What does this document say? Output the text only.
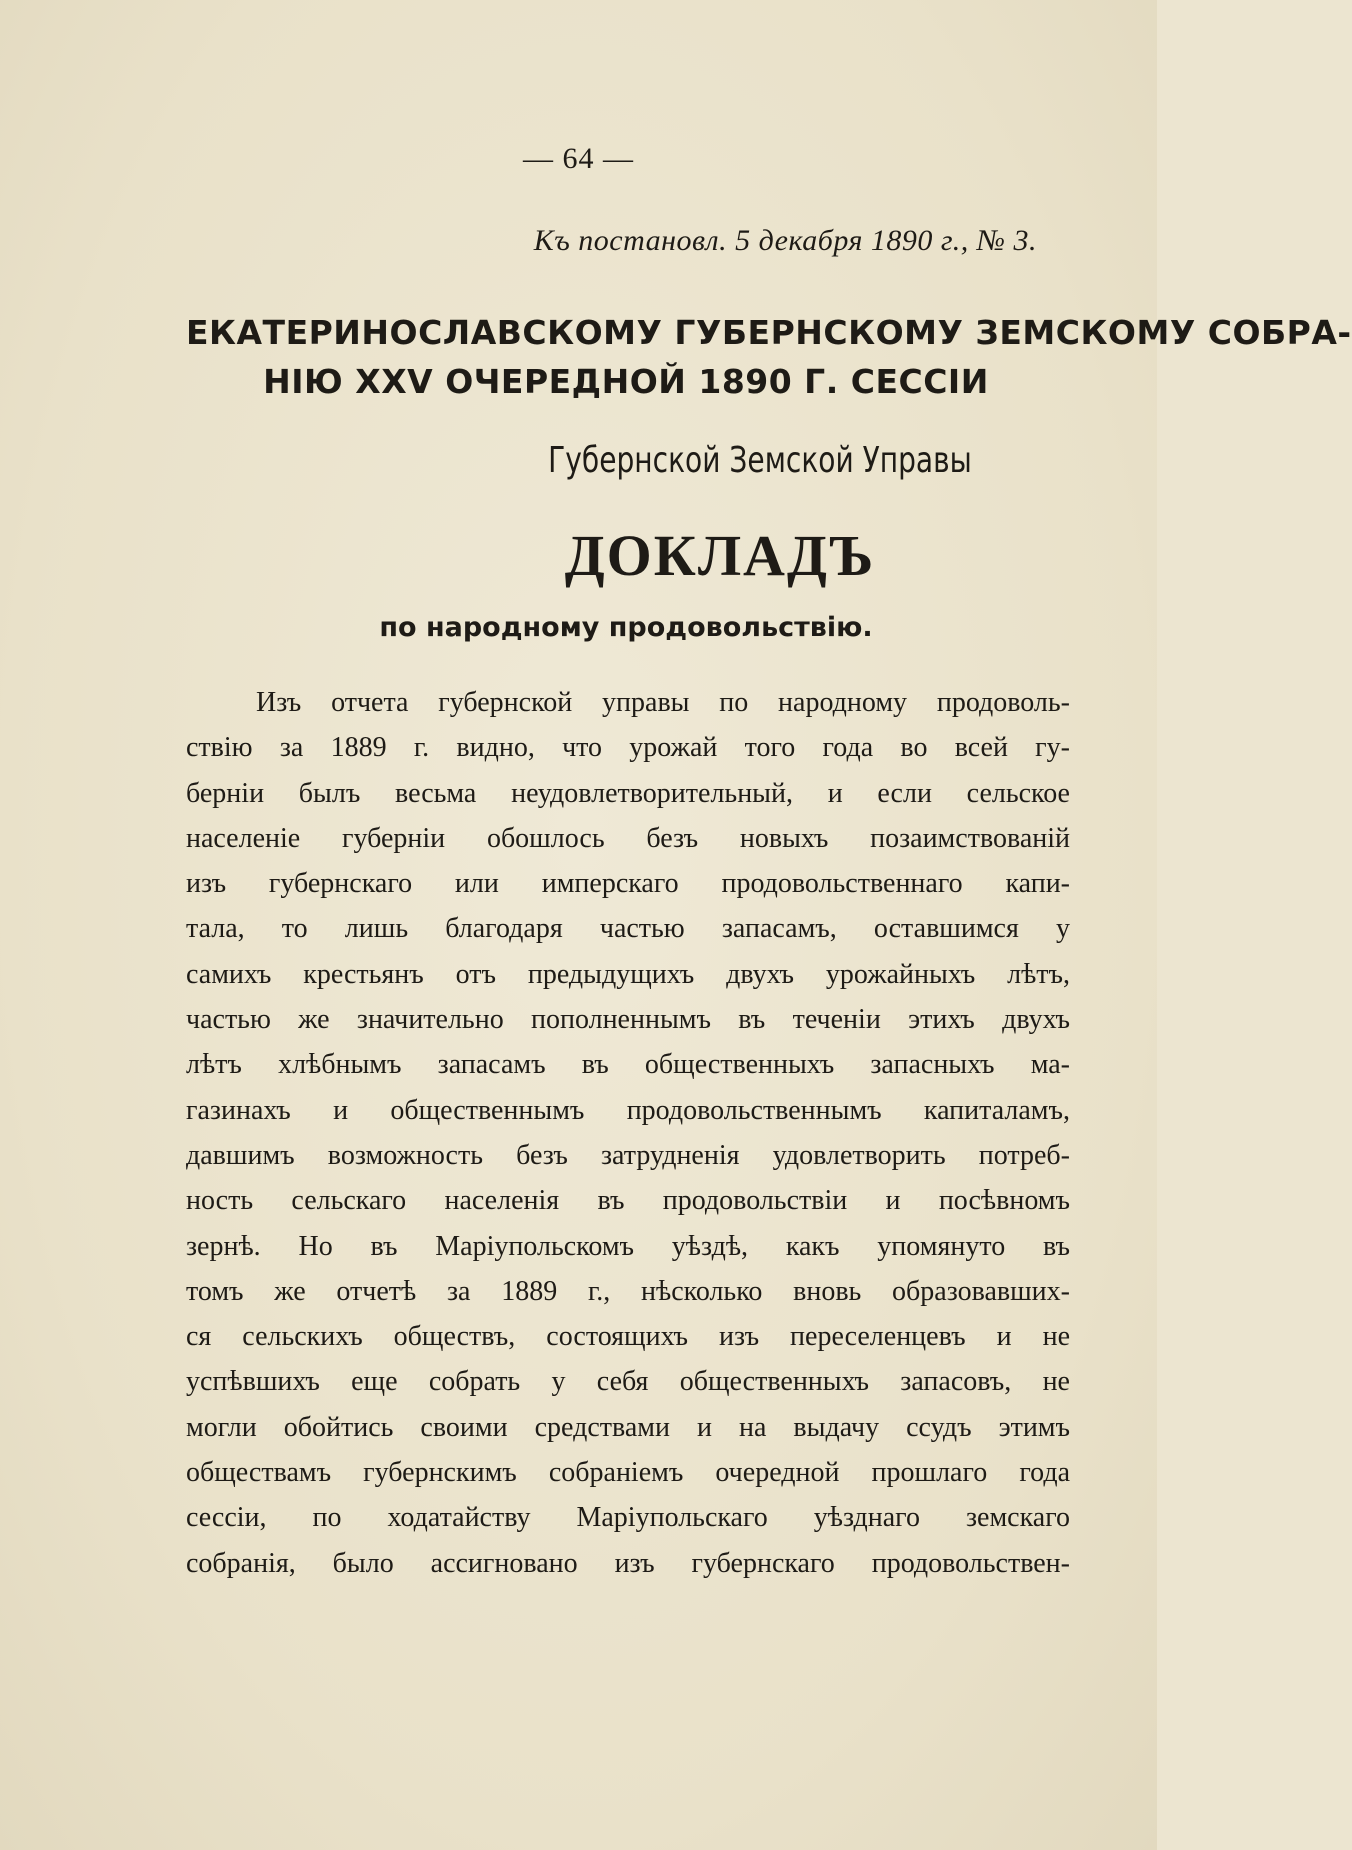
— 64 —
Къ постановл. 5 декабря 1890 г., № 3.
ЕКАТЕРИНОСЛАВСКОМУ ГУБЕРНСКОМУ ЗЕМСКОМУ СОБРА-
НІЮ XXV ОЧЕРЕДНОЙ 1890 Г. СЕССІИ
Губернской Земской Управы
ДОКЛАДЪ
по народному продовольствію.
Изъ отчета губернской управы по народному продоволь-
ствію за 1889 г. видно, что урожай того года во всей гу-
берніи былъ весьма неудовлетворительный, и если сельское
населеніе губерніи обошлось безъ новыхъ позаимствованій
изъ губернскаго или имперскаго продовольственнаго капи-
тала, то лишь благодаря частью запасамъ, оставшимся у
самихъ крестьянъ отъ предыдущихъ двухъ урожайныхъ лѣтъ,
частью же значительно пополненнымъ въ теченіи этихъ двухъ
лѣтъ хлѣбнымъ запасамъ въ общественныхъ запасныхъ ма-
газинахъ и общественнымъ продовольственнымъ капиталамъ,
давшимъ возможность безъ затрудненія удовлетворить потреб-
ность сельскаго населенія въ продовольствіи и посѣвномъ
зернѣ. Но въ Маріупольскомъ уѣздѣ, какъ упомянуто въ
томъ же отчетѣ за 1889 г., нѣсколько вновь образовавших-
ся сельскихъ обществъ, состоящихъ изъ переселенцевъ и не
успѣвшихъ еще собрать у себя общественныхъ запасовъ, не
могли обойтись своими средствами и на выдачу ссудъ этимъ
обществамъ губернскимъ собраніемъ очередной прошлаго года
сессіи, по ходатайству Маріупольскаго уѣзднаго земскаго
собранія, было ассигновано изъ губернскаго продовольствен-
